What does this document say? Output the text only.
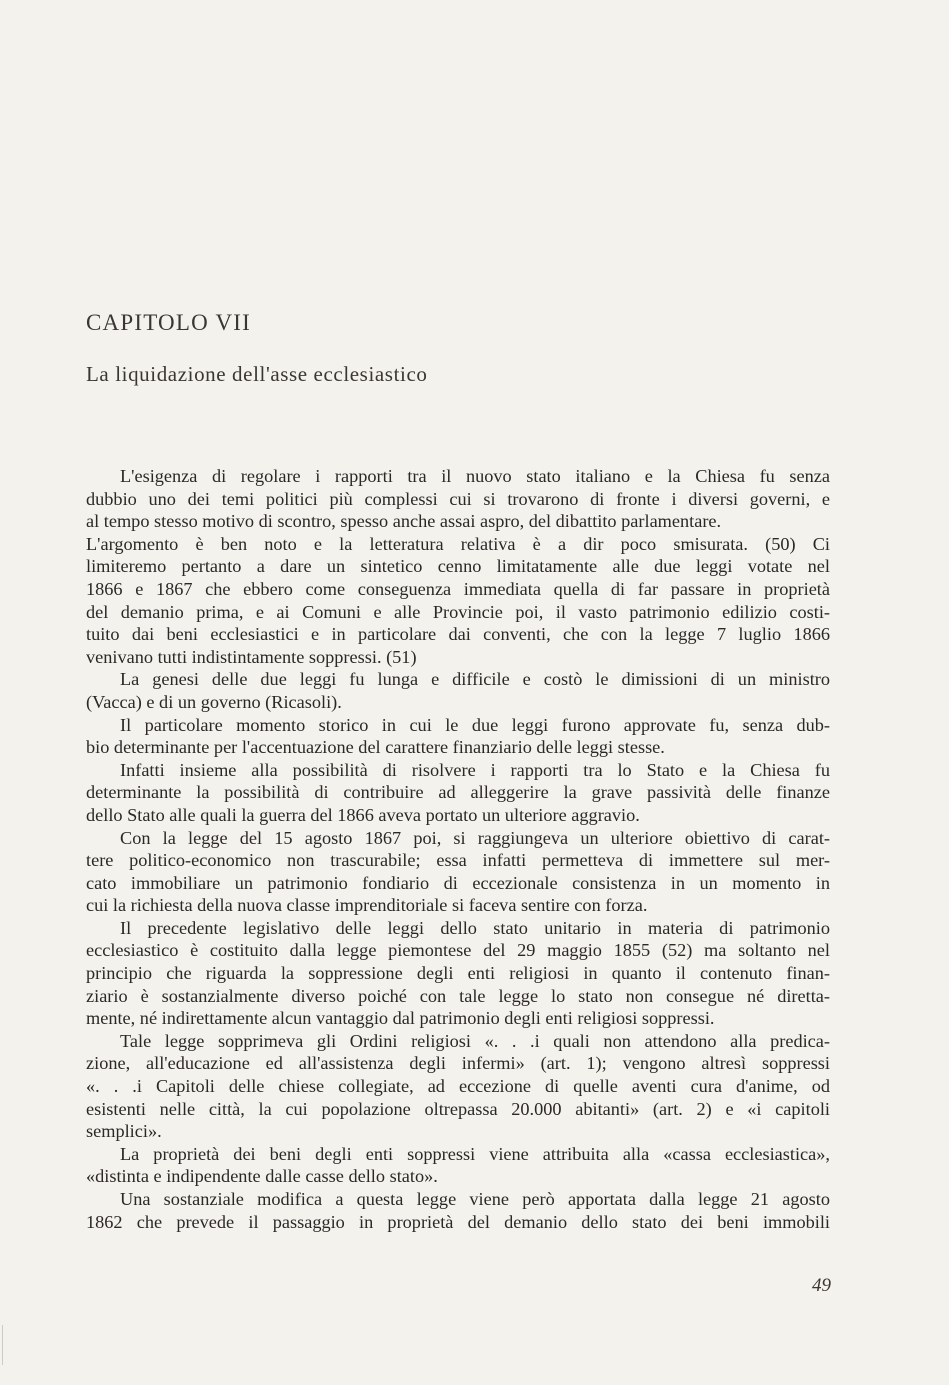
CAPITOLO VII
La liquidazione dell'asse ecclesiastico
L'esigenza di regolare i rapporti tra il nuovo stato italiano e la Chiesa fu senza
dubbio uno dei temi politici più complessi cui si trovarono di fronte i diversi governi, e
al tempo stesso motivo di scontro, spesso anche assai aspro, del dibattito parlamentare.
L'argomento è ben noto e la letteratura relativa è a dir poco smisurata. (50) Ci
limiteremo pertanto a dare un sintetico cenno limitatamente alle due leggi votate nel
1866 e 1867 che ebbero come conseguenza immediata quella di far passare in proprietà
del demanio prima, e ai Comuni e alle Provincie poi, il vasto patrimonio edilizio costi-
tuito dai beni ecclesiastici e in particolare dai conventi, che con la legge 7 luglio 1866
venivano tutti indistintamente soppressi. (51)
La genesi delle due leggi fu lunga e difficile e costò le dimissioni di un ministro
(Vacca) e di un governo (Ricasoli).
Il particolare momento storico in cui le due leggi furono approvate fu, senza dub-
bio determinante per l'accentuazione del carattere finanziario delle leggi stesse.
Infatti insieme alla possibilità di risolvere i rapporti tra lo Stato e la Chiesa fu
determinante la possibilità di contribuire ad alleggerire la grave passività delle finanze
dello Stato alle quali la guerra del 1866 aveva portato un ulteriore aggravio.
Con la legge del 15 agosto 1867 poi, si raggiungeva un ulteriore obiettivo di carat-
tere politico-economico non trascurabile; essa infatti permetteva di immettere sul mer-
cato immobiliare un patrimonio fondiario di eccezionale consistenza in un momento in
cui la richiesta della nuova classe imprenditoriale si faceva sentire con forza.
Il precedente legislativo delle leggi dello stato unitario in materia di patrimonio
ecclesiastico è costituito dalla legge piemontese del 29 maggio 1855 (52) ma soltanto nel
principio che riguarda la soppressione degli enti religiosi in quanto il contenuto finan-
ziario è sostanzialmente diverso poiché con tale legge lo stato non consegue né diretta-
mente, né indirettamente alcun vantaggio dal patrimonio degli enti religiosi soppressi.
Tale legge sopprimeva gli Ordini religiosi «. . .i quali non attendono alla predica-
zione, all'educazione ed all'assistenza degli infermi» (art. 1); vengono altresì soppressi
«. . .i Capitoli delle chiese collegiate, ad eccezione di quelle aventi cura d'anime, od
esistenti nelle città, la cui popolazione oltrepassa 20.000 abitanti» (art. 2) e «i capitoli
semplici».
La proprietà dei beni degli enti soppressi viene attribuita alla «cassa ecclesiastica»,
«distinta e indipendente dalle casse dello stato».
Una sostanziale modifica a questa legge viene però apportata dalla legge 21 agosto
1862 che prevede il passaggio in proprietà del demanio dello stato dei beni immobili
49
